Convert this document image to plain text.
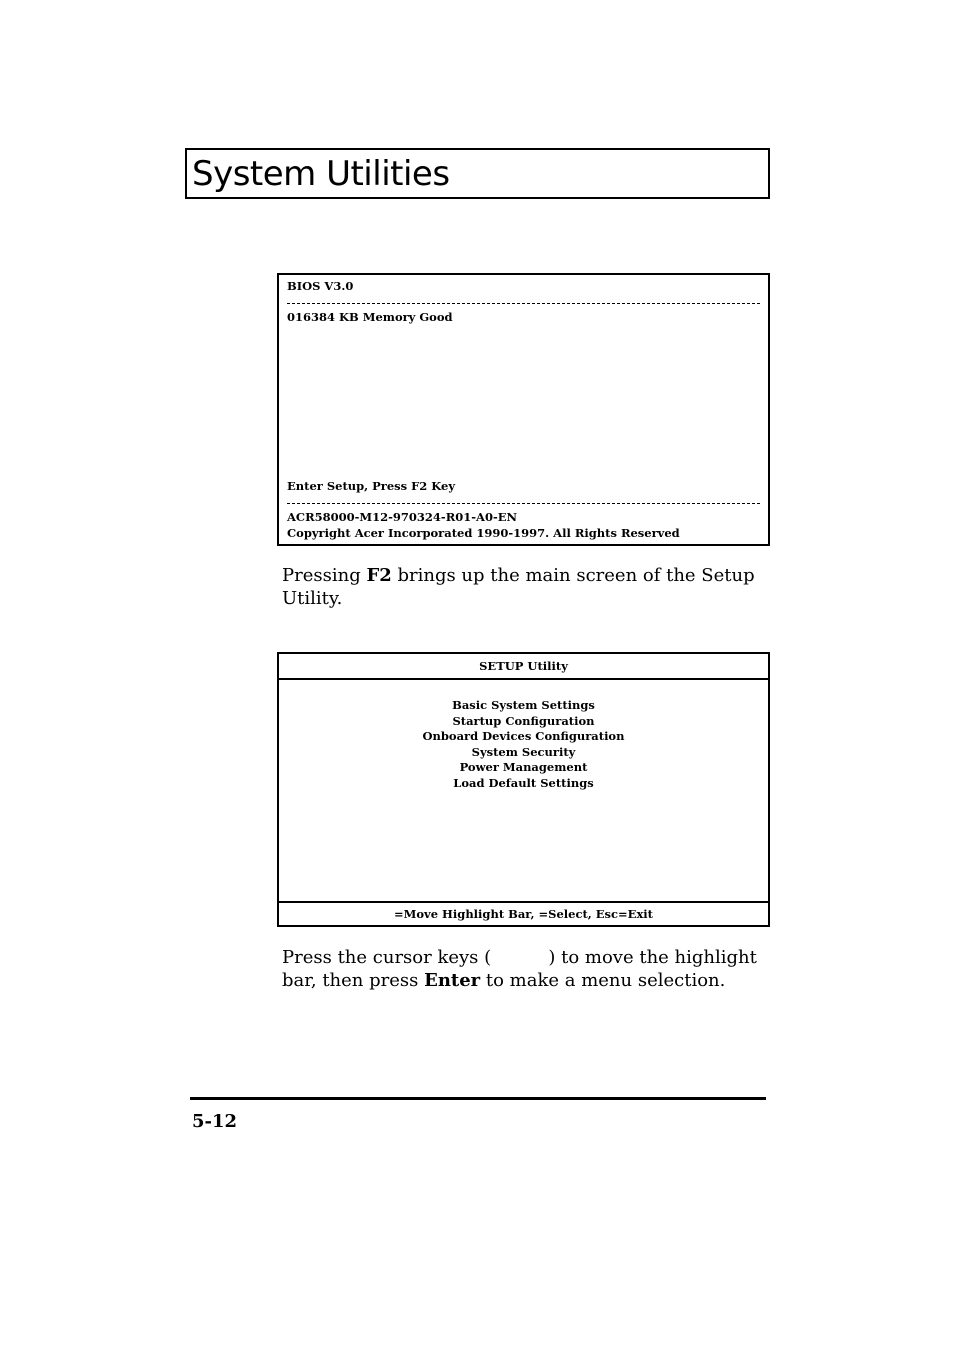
System Utilities
BIOS V3.0
016384 KB Memory Good
Enter Setup, Press F2 Key
ACR58000-M12-970324-R01-A0-EN
Copyright Acer Incorporated 1990-1997. All Rights Reserved
Pressing F2 brings up the main screen of the Setup Utility.
SETUP Utility
Basic System Settings
Startup Configuration
Onboard Devices Configuration
System Security
Power Management
Load Default Settings
=Move Highlight Bar, =Select, Esc=Exit
Press the cursor keys (          ) to move the highlight bar, then press Enter to make a menu selection.
5-12
